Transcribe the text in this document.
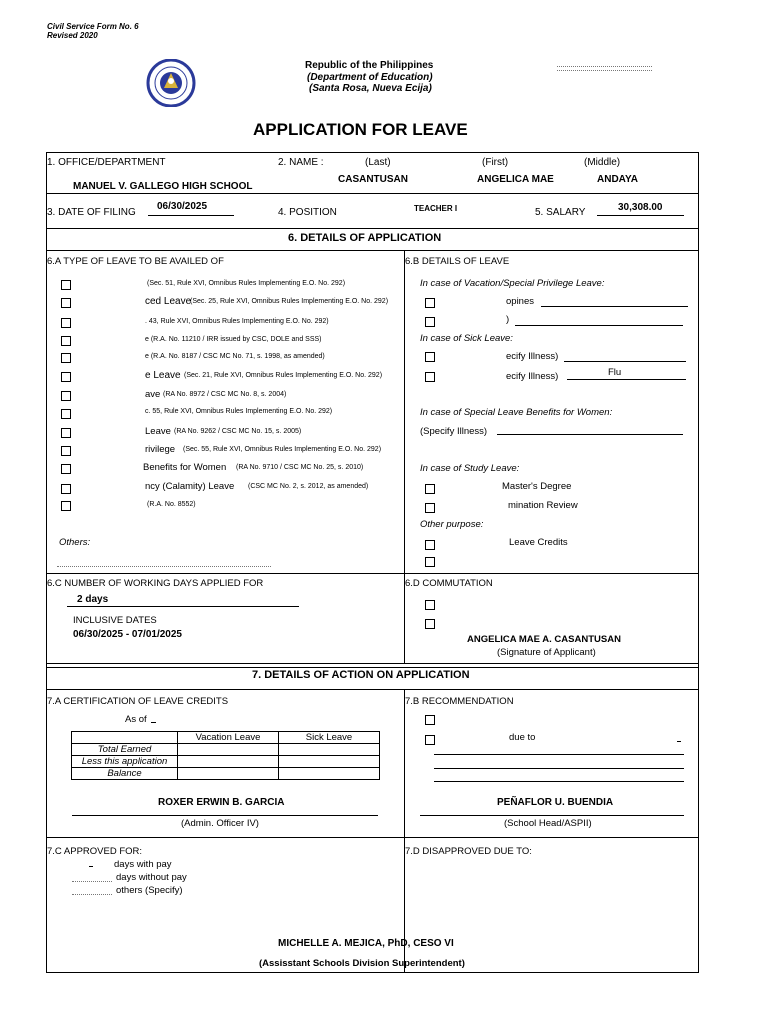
Civil Service Form No. 6
Revised 2020
Republic of the Philippines
(Department of Education)
(Santa Rosa, Nueva Ecija)
APPLICATION FOR LEAVE
1. OFFICE/DEPARTMENT
MANUEL V. GALLEGO HIGH SCHOOL
2. NAME :	(Last)	(First)	(Middle)
CASANTUSAN	ANGELICA MAE	ANDAYA
3. DATE OF FILING
06/30/2025
4. POSITION	TEACHER I	5. SALARY	30,308.00
6. DETAILS OF APPLICATION
6.A TYPE OF LEAVE TO BE AVAILED OF
(Sec. 51, Rule XVI, Omnibus Rules Implementing E.O. No. 292)
ced Leave
(Sec. 25, Rule XVI, Omnibus Rules Implementing E.O. No. 292)
. 43, Rule XVI, Omnibus Rules Implementing E.O. No. 292)
e (R.A. No. 11210 / IRR issued by CSC, DOLE and SSS)
e (R.A. No. 8187 / CSC MC No. 71, s. 1998, as amended)
e Leave (Sec. 21, Rule XVI, Omnibus Rules Implementing E.O. No. 292)
ave (RA No. 8972 / CSC MC No. 8, s. 2004)
c. 55, Rule XVI, Omnibus Rules Implementing E.O. No. 292)
Leave (RA No. 9262 / CSC MC No. 15, s. 2005)
rivilege (Sec. 55, Rule XVI, Omnibus Rules Implementing E.O. No. 292)
Benefits for Women (RA No. 9710 / CSC MC No. 25, s. 2010)
ncy (Calamity) Leave (CSC MC No. 2, s. 2012, as amended)
(R.A. No. 8552)
Others:
6.B DETAILS OF LEAVE
In case of Vacation/Special Privilege Leave:
opines
)
In case of Sick Leave:
ecify Illness)
ecify Illness)	Flu
In case of Special Leave Benefits for Women:
(Specify Illness)
In case of Study Leave:
Master's Degree
mination Review
Other purpose:
Leave Credits
6.C NUMBER OF WORKING DAYS APPLIED FOR
2 days
INCLUSIVE DATES
06/30/2025 - 07/01/2025
6.D COMMUTATION
ANGELICA MAE A. CASANTUSAN
(Signature of Applicant)
7. DETAILS OF ACTION ON APPLICATION
7.A CERTIFICATION OF LEAVE CREDITS
As of
	Vacation Leave	Sick Leave
Total Earned		
Less this application		
Balance		
ROXER ERWIN B. GARCIA
(Admin. Officer IV)
7.B RECOMMENDATION
due to
PEÑAFLOR U. BUENDIA
(School Head/ASPII)
7.C APPROVED FOR:
days with pay
days without pay
others (Specify)
7.D DISAPPROVED DUE TO:
MICHELLE A. MEJICA, PhD, CESO VI
(Assisstant Schools Division Superintendent)
